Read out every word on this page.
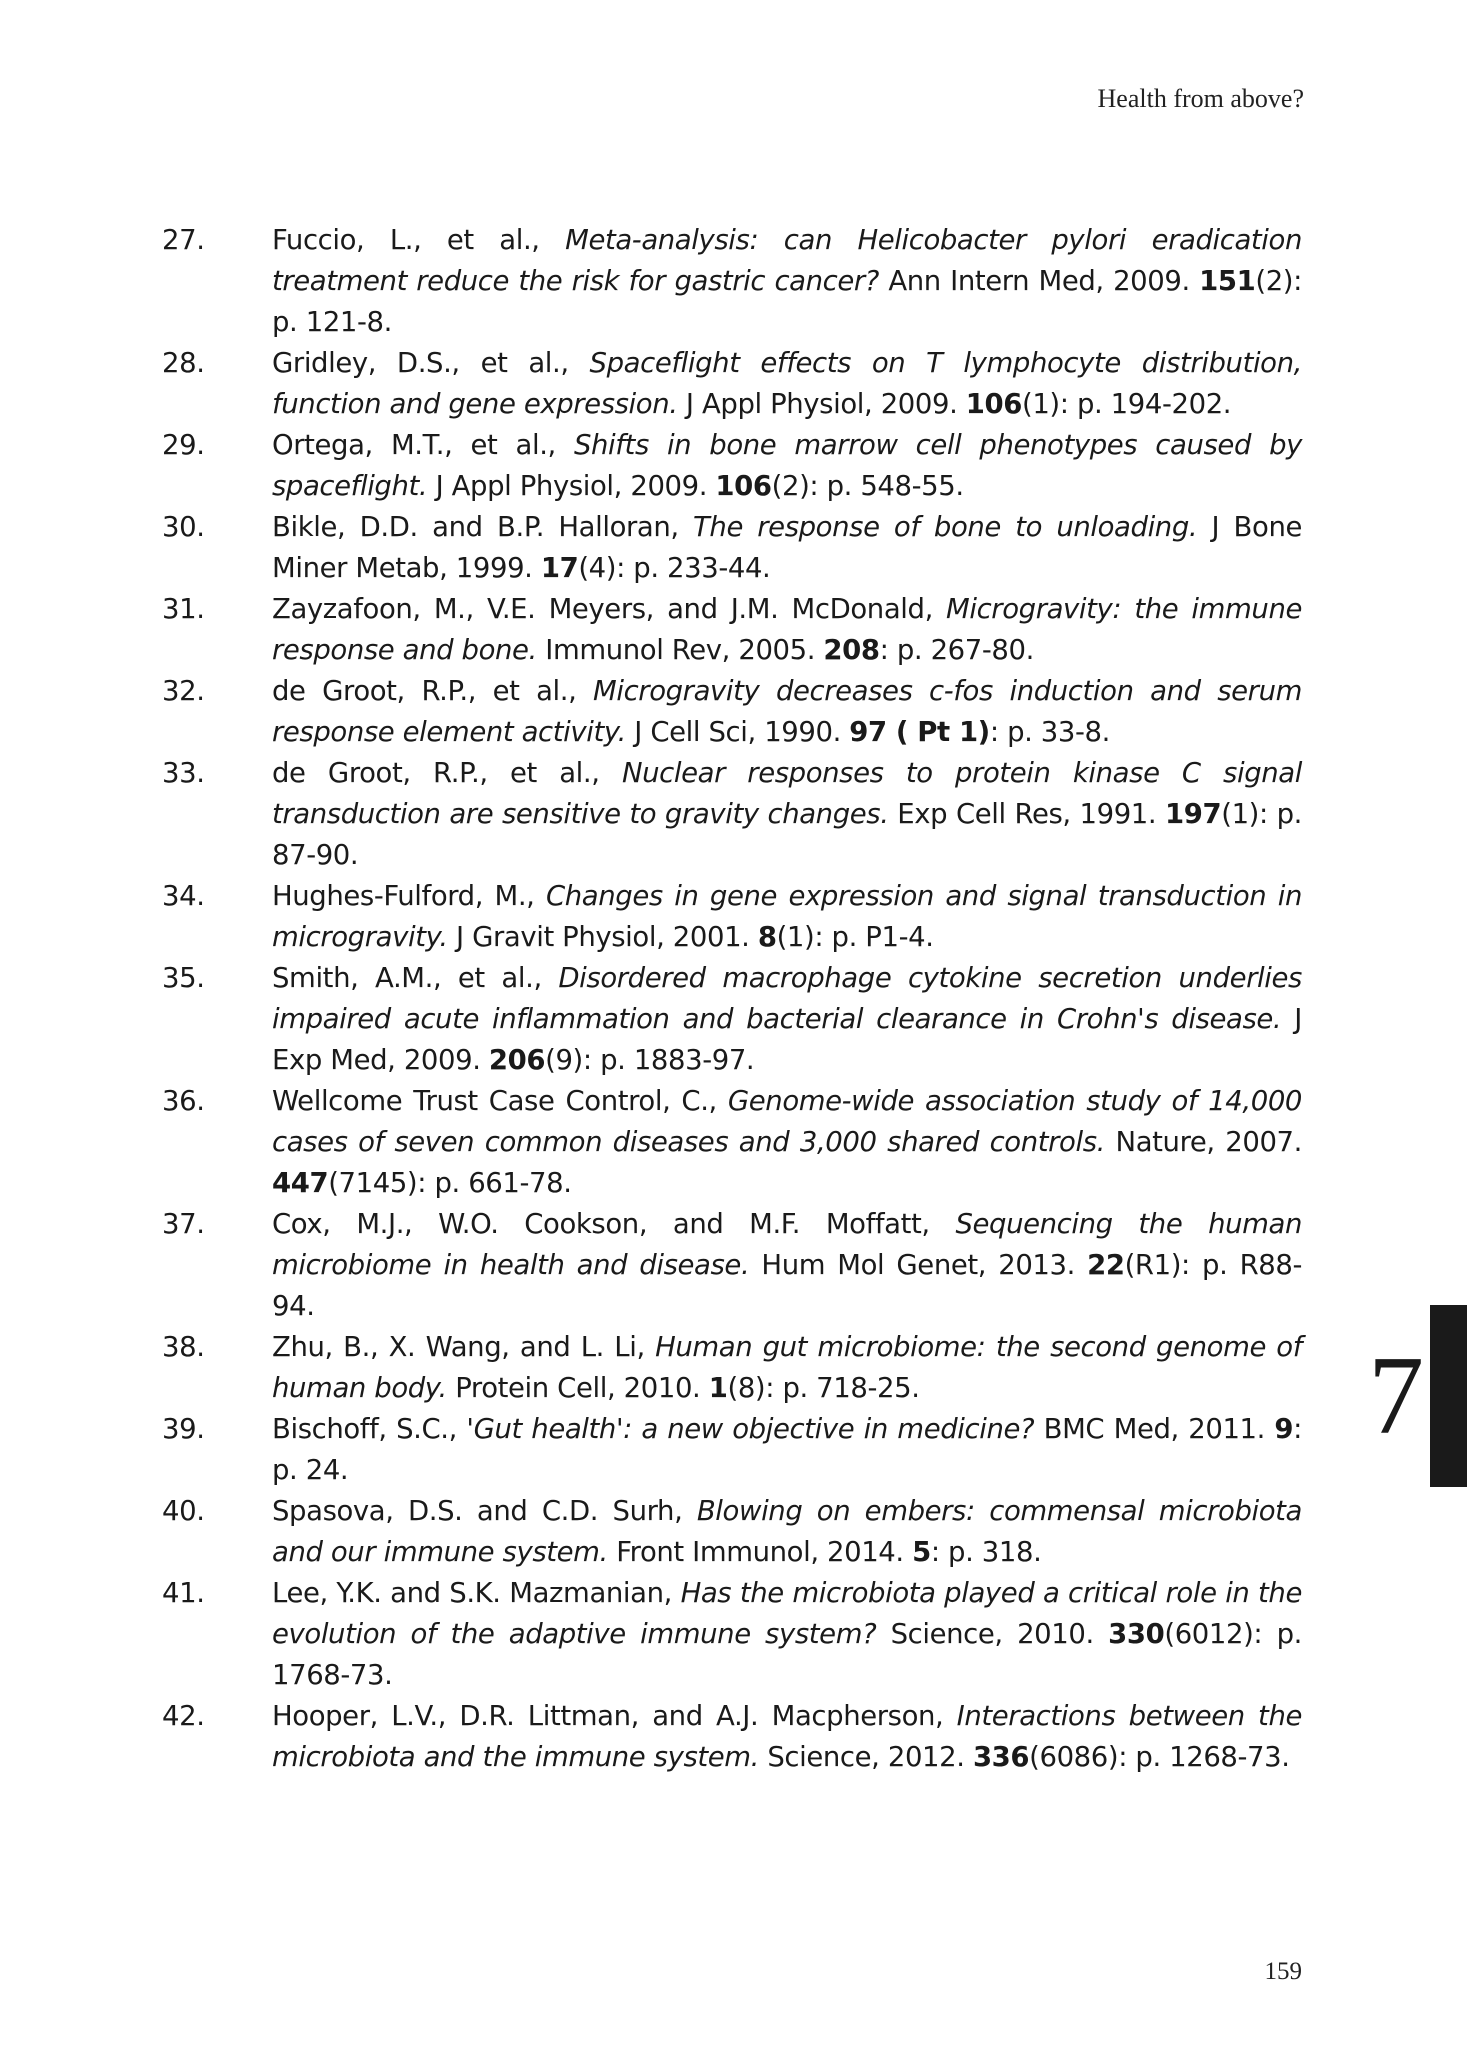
Health from above?
27.	Fuccio, L., et al., Meta-analysis: can Helicobacter pylori eradication treatment reduce the risk for gastric cancer? Ann Intern Med, 2009. 151(2): p. 121-8.
28.	Gridley, D.S., et al., Spaceflight effects on T lymphocyte distribution, function and gene expression. J Appl Physiol, 2009. 106(1): p. 194-202.
29.	Ortega, M.T., et al., Shifts in bone marrow cell phenotypes caused by spaceflight. J Appl Physiol, 2009. 106(2): p. 548-55.
30.	Bikle, D.D. and B.P. Halloran, The response of bone to unloading. J Bone Miner Metab, 1999. 17(4): p. 233-44.
31.	Zayzafoon, M., V.E. Meyers, and J.M. McDonald, Microgravity: the immune response and bone. Immunol Rev, 2005. 208: p. 267-80.
32.	de Groot, R.P., et al., Microgravity decreases c-fos induction and serum response element activity. J Cell Sci, 1990. 97 ( Pt 1): p. 33-8.
33.	de Groot, R.P., et al., Nuclear responses to protein kinase C signal transduction are sensitive to gravity changes. Exp Cell Res, 1991. 197(1): p. 87-90.
34.	Hughes-Fulford, M., Changes in gene expression and signal transduction in microgravity. J Gravit Physiol, 2001. 8(1): p. P1-4.
35.	Smith, A.M., et al., Disordered macrophage cytokine secretion underlies impaired acute inflammation and bacterial clearance in Crohn's disease. J Exp Med, 2009. 206(9): p. 1883-97.
36.	Wellcome Trust Case Control, C., Genome-wide association study of 14,000 cases of seven common diseases and 3,000 shared controls. Nature, 2007. 447(7145): p. 661-78.
37.	Cox, M.J., W.O. Cookson, and M.F. Moffatt, Sequencing the human microbiome in health and disease. Hum Mol Genet, 2013. 22(R1): p. R88-94.
38.	Zhu, B., X. Wang, and L. Li, Human gut microbiome: the second genome of human body. Protein Cell, 2010. 1(8): p. 718-25.
39.	Bischoff, S.C., 'Gut health': a new objective in medicine? BMC Med, 2011. 9: p. 24.
40.	Spasova, D.S. and C.D. Surh, Blowing on embers: commensal microbiota and our immune system. Front Immunol, 2014. 5: p. 318.
41.	Lee, Y.K. and S.K. Mazmanian, Has the microbiota played a critical role in the evolution of the adaptive immune system? Science, 2010. 330(6012): p. 1768-73.
42.	Hooper, L.V., D.R. Littman, and A.J. Macpherson, Interactions between the microbiota and the immune system. Science, 2012. 336(6086): p. 1268-73.
7
159
